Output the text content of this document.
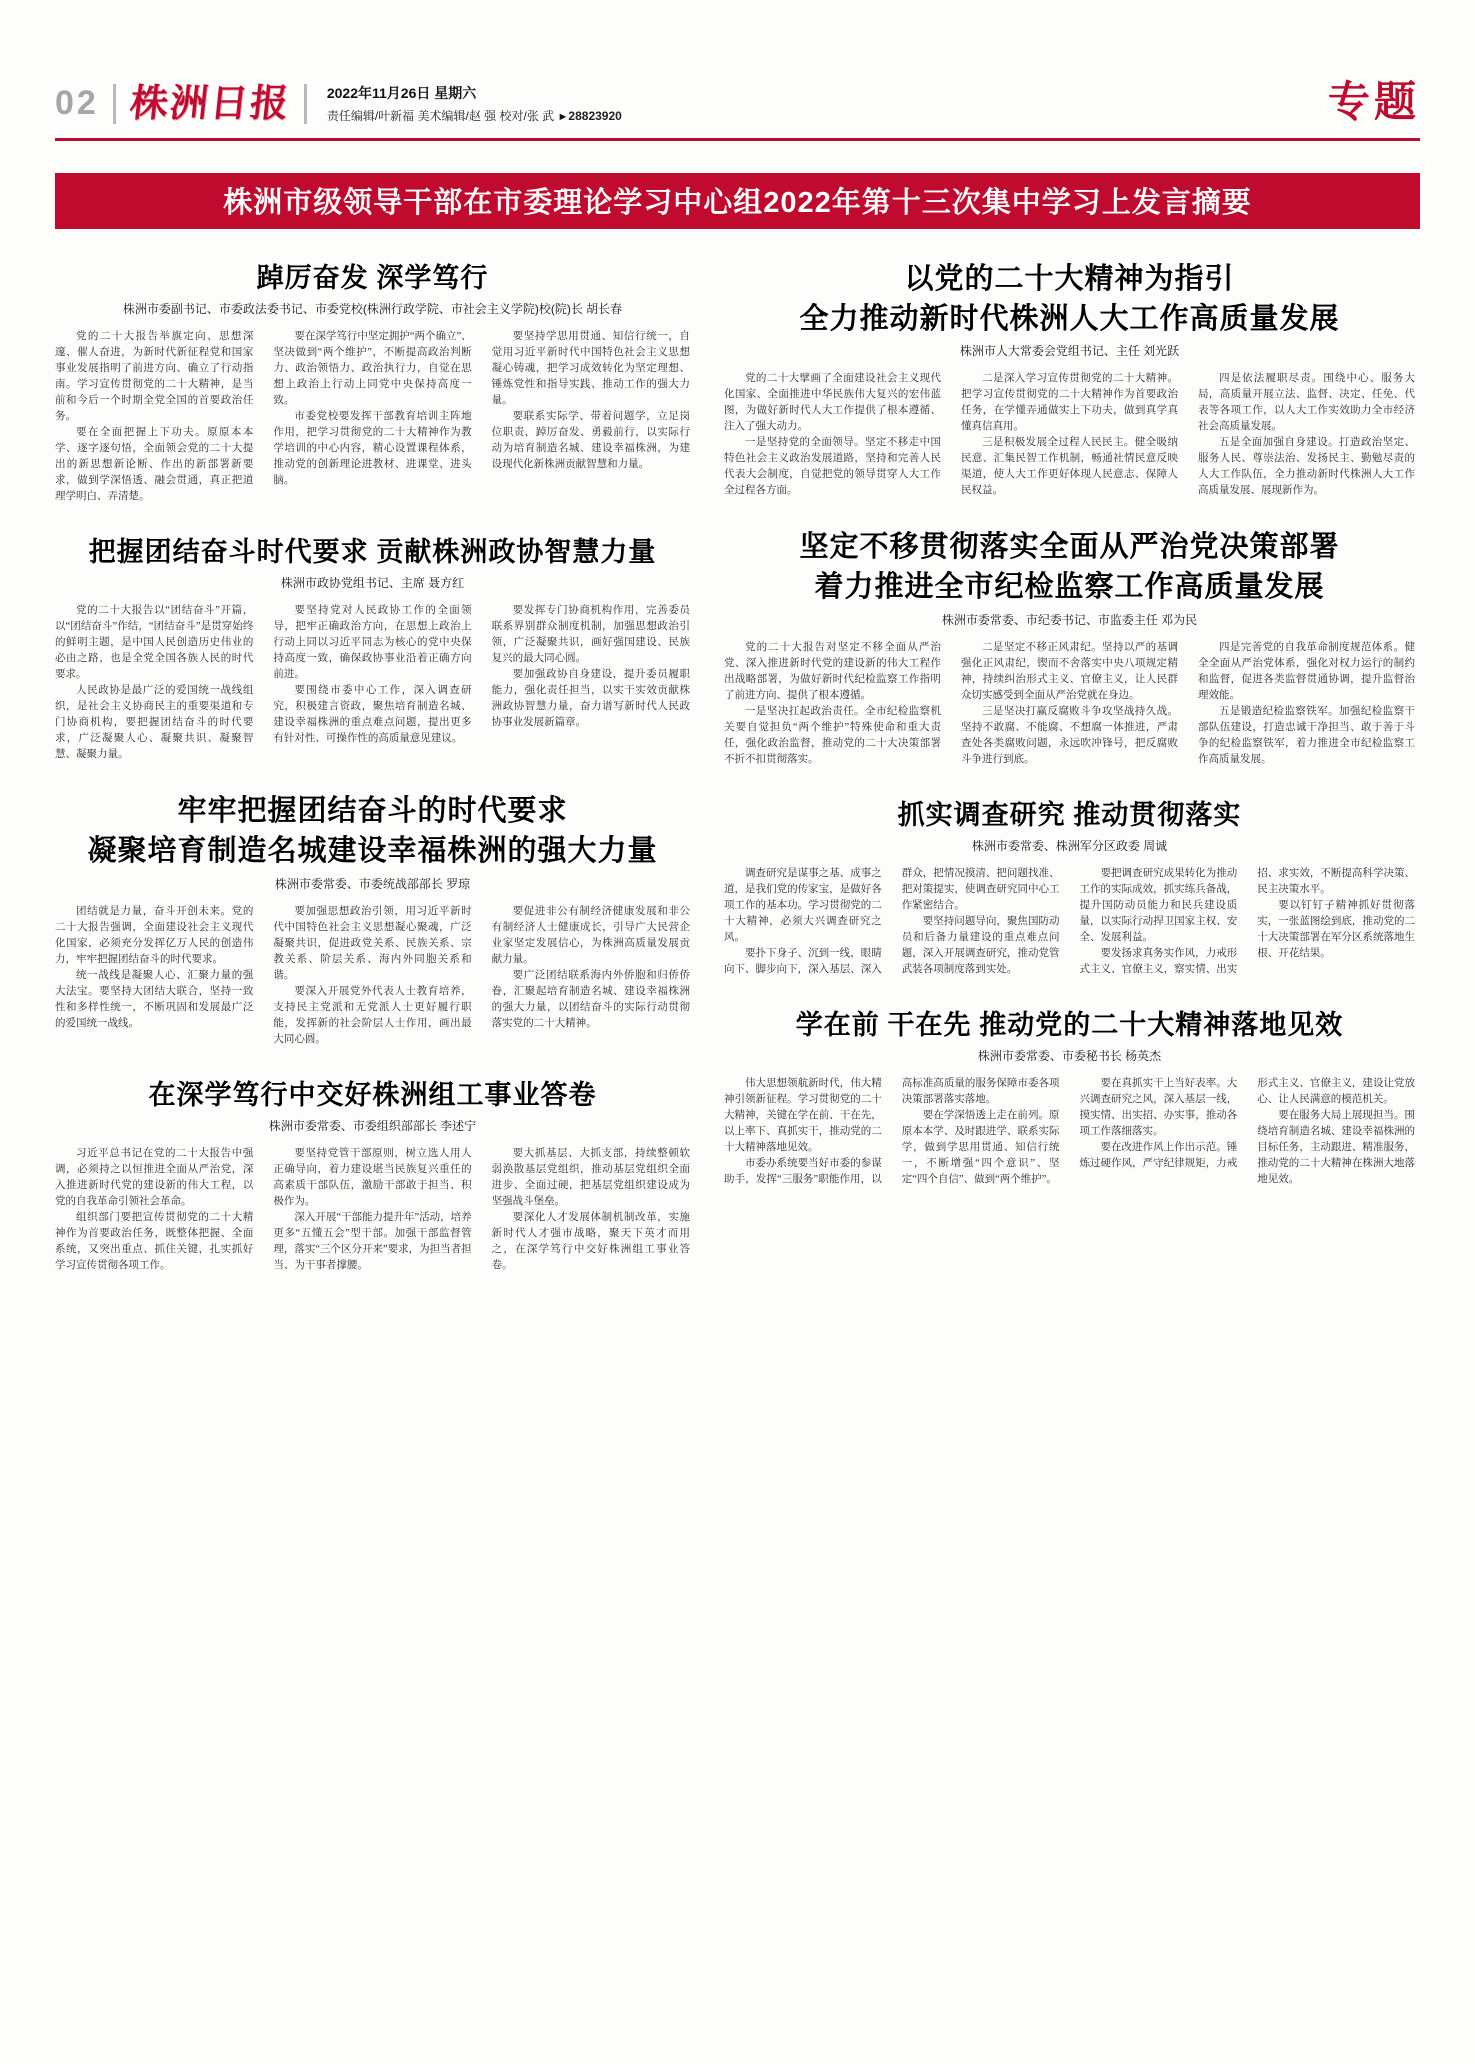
02 株洲日报 2022年11月26日 星期六
责任编辑/叶新福 美术编辑/赵 强 校对/张 武 ►28823920	专题
株洲市级领导干部在市委理论学习中心组2022年第十三次集中学习上发言摘要
踔厉奋发 深学笃行
株洲市委副书记、市委政法委书记、市委党校(株洲行政学院、市社会主义学院)校(院)长 胡长春

党的二十大报告举旗定向、思想深邃、催人奋进，为新时代新征程党和国家事业发展指明了前进方向、确立了行动指南。学习宣传贯彻党的二十大精神，是当前和今后一个时期全党全国的首要政治任务。

要在全面把握上下功夫。原原本本学、逐字逐句悟，全面领会党的二十大提出的新思想新论断、作出的新部署新要求，做到学深悟透、融会贯通，真正把道理学明白、弄清楚。

要在深学笃行中坚定拥护“两个确立”、坚决做到“两个维护”，不断提高政治判断力、政治领悟力、政治执行力，自觉在思想上政治上行动上同党中央保持高度一致。

市委党校要发挥干部教育培训主阵地作用，把学习贯彻党的二十大精神作为教学培训的中心内容，精心设置课程体系，推动党的创新理论进教材、进课堂、进头脑。

要坚持学思用贯通、知信行统一，自觉用习近平新时代中国特色社会主义思想凝心铸魂，把学习成效转化为坚定理想、锤炼党性和指导实践、推动工作的强大力量。

要联系实际学、带着问题学，立足岗位职责，踔厉奋发、勇毅前行，以实际行动为培育制造名城、建设幸福株洲，为建设现代化新株洲贡献智慧和力量。

把握团结奋斗时代要求 贡献株洲政协智慧力量
株洲市政协党组书记、主席 聂方红

党的二十大报告以“团结奋斗”开篇，以“团结奋斗”作结，“团结奋斗”是贯穿始终的鲜明主题，是中国人民创造历史伟业的必由之路，也是全党全国各族人民的时代要求。

人民政协是最广泛的爱国统一战线组织，是社会主义协商民主的重要渠道和专门协商机构，要把握团结奋斗的时代要求，广泛凝聚人心、凝聚共识、凝聚智慧、凝聚力量。

要坚持党对人民政协工作的全面领导，把牢正确政治方向，在思想上政治上行动上同以习近平同志为核心的党中央保持高度一致，确保政协事业沿着正确方向前进。

要围绕市委中心工作，深入调查研究，积极建言资政，聚焦培育制造名城、建设幸福株洲的重点难点问题，提出更多有针对性、可操作性的高质量意见建议。

要发挥专门协商机构作用，完善委员联系界别群众制度机制，加强思想政治引领，广泛凝聚共识，画好强国建设、民族复兴的最大同心圆。

要加强政协自身建设，提升委员履职能力，强化责任担当，以实干实效贡献株洲政协智慧力量，奋力谱写新时代人民政协事业发展新篇章。

牢牢把握团结奋斗的时代要求
凝聚培育制造名城建设幸福株洲的强大力量
株洲市委常委、市委统战部部长 罗琼

团结就是力量，奋斗开创未来。党的二十大报告强调，全面建设社会主义现代化国家，必须充分发挥亿万人民的创造伟力，牢牢把握团结奋斗的时代要求。

统一战线是凝聚人心、汇聚力量的强大法宝。要坚持大团结大联合，坚持一致性和多样性统一，不断巩固和发展最广泛的爱国统一战线。

要加强思想政治引领，用习近平新时代中国特色社会主义思想凝心聚魂，广泛凝聚共识，促进政党关系、民族关系、宗教关系、阶层关系、海内外同胞关系和谐。

要深入开展党外代表人士教育培养，支持民主党派和无党派人士更好履行职能，发挥新的社会阶层人士作用，画出最大同心圆。

要促进非公有制经济健康发展和非公有制经济人士健康成长，引导广大民营企业家坚定发展信心，为株洲高质量发展贡献力量。

要广泛团结联系海内外侨胞和归侨侨眷，汇聚起培育制造名城、建设幸福株洲的强大力量，以团结奋斗的实际行动贯彻落实党的二十大精神。

在深学笃行中交好株洲组工事业答卷
株洲市委常委、市委组织部部长 李述宁

习近平总书记在党的二十大报告中强调，必须持之以恒推进全面从严治党，深入推进新时代党的建设新的伟大工程，以党的自我革命引领社会革命。

组织部门要把宣传贯彻党的二十大精神作为首要政治任务，既整体把握、全面系统，又突出重点、抓住关键，扎实抓好学习宣传贯彻各项工作。

要坚持党管干部原则，树立选人用人正确导向，着力建设堪当民族复兴重任的高素质干部队伍，激励干部敢于担当、积极作为。

深入开展“干部能力提升年”活动，培养更多“五懂五会”型干部。加强干部监督管理，落实“三个区分开来”要求，为担当者担当、为干事者撑腰。

要大抓基层、大抓支部，持续整顿软弱涣散基层党组织，推动基层党组织全面进步、全面过硬，把基层党组织建设成为坚强战斗堡垒。

要深化人才发展体制机制改革，实施新时代人才强市战略，聚天下英才而用之，在深学笃行中交好株洲组工事业答卷。

以党的二十大精神为指引
全力推动新时代株洲人大工作高质量发展
株洲市人大常委会党组书记、主任 刘光跃

党的二十大擘画了全面建设社会主义现代化国家、全面推进中华民族伟大复兴的宏伟蓝图，为做好新时代人大工作提供了根本遵循、注入了强大动力。

一是坚持党的全面领导。坚定不移走中国特色社会主义政治发展道路，坚持和完善人民代表大会制度，自觉把党的领导贯穿人大工作全过程各方面。

二是深入学习宣传贯彻党的二十大精神。把学习宣传贯彻党的二十大精神作为首要政治任务，在学懂弄通做实上下功夫，做到真学真懂真信真用。

三是积极发展全过程人民民主。健全吸纳民意、汇集民智工作机制，畅通社情民意反映渠道，使人大工作更好体现人民意志、保障人民权益。

四是依法履职尽责。围绕中心、服务大局，高质量开展立法、监督、决定、任免、代表等各项工作，以人大工作实效助力全市经济社会高质量发展。

五是全面加强自身建设。打造政治坚定、服务人民、尊崇法治、发扬民主、勤勉尽责的人大工作队伍，全力推动新时代株洲人大工作高质量发展、展现新作为。

坚定不移贯彻落实全面从严治党决策部署
着力推进全市纪检监察工作高质量发展
株洲市委常委、市纪委书记、市监委主任 邓为民

党的二十大报告对坚定不移全面从严治党、深入推进新时代党的建设新的伟大工程作出战略部署，为做好新时代纪检监察工作指明了前进方向、提供了根本遵循。

一是坚决扛起政治责任。全市纪检监察机关要自觉担负“两个维护”特殊使命和重大责任，强化政治监督，推动党的二十大决策部署不折不扣贯彻落实。

二是坚定不移正风肃纪。坚持以严的基调强化正风肃纪，锲而不舍落实中央八项规定精神，持续纠治形式主义、官僚主义，让人民群众切实感受到全面从严治党就在身边。

三是坚决打赢反腐败斗争攻坚战持久战。坚持不敢腐、不能腐、不想腐一体推进，严肃查处各类腐败问题，永远吹冲锋号，把反腐败斗争进行到底。

四是完善党的自我革命制度规范体系。健全全面从严治党体系，强化对权力运行的制约和监督，促进各类监督贯通协调，提升监督治理效能。

五是锻造纪检监察铁军。加强纪检监察干部队伍建设，打造忠诚干净担当、敢于善于斗争的纪检监察铁军，着力推进全市纪检监察工作高质量发展。

抓实调查研究 推动贯彻落实
株洲市委常委、株洲军分区政委 周诚

调查研究是谋事之基、成事之道，是我们党的传家宝，是做好各项工作的基本功。学习贯彻党的二十大精神，必须大兴调查研究之风。

要扑下身子、沉到一线，眼睛向下、脚步向下，深入基层、深入群众，把情况摸清、把问题找准、把对策提实，使调查研究同中心工作紧密结合。

要坚持问题导向，聚焦国防动员和后备力量建设的重点难点问题，深入开展调查研究，推动党管武装各项制度落到实处。

要把调查研究成果转化为推动工作的实际成效，抓实练兵备战，提升国防动员能力和民兵建设质量，以实际行动捍卫国家主权、安全、发展利益。

要发扬求真务实作风，力戒形式主义、官僚主义，察实情、出实招、求实效，不断提高科学决策、民主决策水平。

要以钉钉子精神抓好贯彻落实，一张蓝图绘到底，推动党的二十大决策部署在军分区系统落地生根、开花结果。

学在前 干在先 推动党的二十大精神落地见效
株洲市委常委、市委秘书长 杨英杰

伟大思想领航新时代，伟大精神引领新征程。学习贯彻党的二十大精神，关键在学在前、干在先，以上率下、真抓实干，推动党的二十大精神落地见效。

市委办系统要当好市委的参谋助手，发挥“三服务”职能作用，以高标准高质量的服务保障市委各项决策部署落实落地。

要在学深悟透上走在前列。原原本本学、及时跟进学、联系实际学，做到学思用贯通、知信行统一，不断增强“四个意识”、坚定“四个自信”、做到“两个维护”。

要在真抓实干上当好表率。大兴调查研究之风，深入基层一线，摸实情、出实招、办实事，推动各项工作落细落实。

要在改进作风上作出示范。锤炼过硬作风，严守纪律规矩，力戒形式主义、官僚主义，建设让党放心、让人民满意的模范机关。

要在服务大局上展现担当。围绕培育制造名城、建设幸福株洲的目标任务，主动跟进、精准服务，推动党的二十大精神在株洲大地落地见效。
